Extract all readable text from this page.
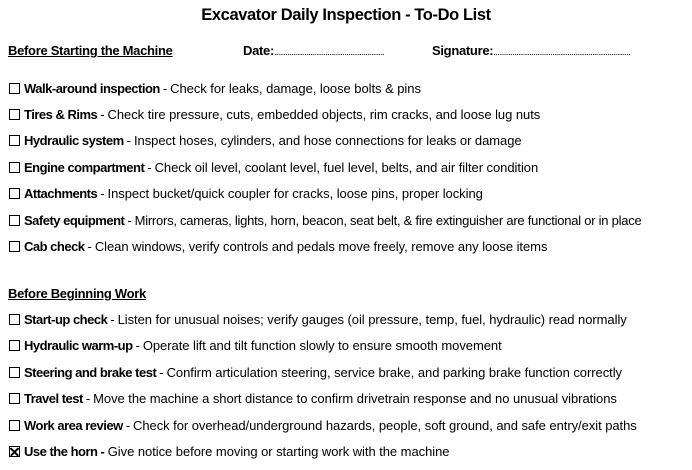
Excavator Daily Inspection - To-Do List
Before Starting the Machine	Date:..........................................................	Signature:........................................................................
Walk-around inspection - Check for leaks, damage, loose bolts & pins
Tires & Rims - Check tire pressure, cuts, embedded objects, rim cracks, and loose lug nuts
Hydraulic system - Inspect hoses, cylinders, and hose connections for leaks or damage
Engine compartment - Check oil level, coolant level, fuel level, belts, and air filter condition
Attachments - Inspect bucket/quick coupler for cracks, loose pins, proper locking
Safety equipment - Mirrors, cameras, lights, horn, beacon, seat belt, & fire extinguisher are functional or in place
Cab check - Clean windows, verify controls and pedals move freely, remove any loose items
Before Beginning Work
Start-up check - Listen for unusual noises; verify gauges (oil pressure, temp, fuel, hydraulic) read normally
Hydraulic warm-up - Operate lift and tilt function slowly to ensure smooth movement
Steering and brake test - Confirm articulation steering, service brake, and parking brake function correctly
Travel test - Move the machine a short distance to confirm drivetrain response and no unusual vibrations
Work area review - Check for overhead/underground hazards, people, soft ground, and safe entry/exit paths
Use the horn - Give notice before moving or starting work with the machine
